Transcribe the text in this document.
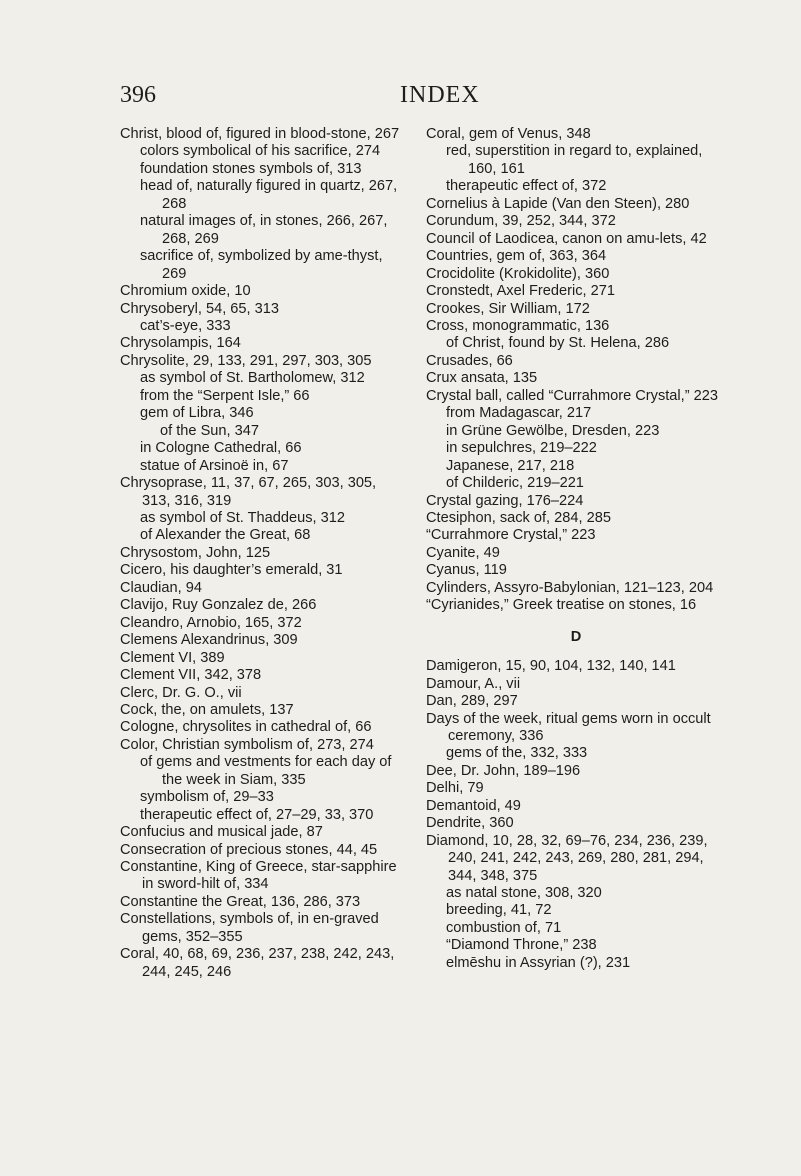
396	INDEX
Christ, blood of, figured in blood-stone, 267
colors symbolical of his sacrifice, 274
foundation stones symbols of, 313
head of, naturally figured in quartz, 267, 268
natural images of, in stones, 266, 267, 268, 269
sacrifice of, symbolized by ame-thyst, 269
Chromium oxide, 10
Chrysoberyl, 54, 65, 313
cat’s-eye, 333
Chrysolampis, 164
Chrysolite, 29, 133, 291, 297, 303, 305
as symbol of St. Bartholomew, 312
from the “Serpent Isle,” 66
gem of Libra, 346
of the Sun, 347
in Cologne Cathedral, 66
statue of Arsinoë in, 67
Chrysoprase, 11, 37, 67, 265, 303, 305, 313, 316, 319
as symbol of St. Thaddeus, 312
of Alexander the Great, 68
Chrysostom, John, 125
Cicero, his daughter’s emerald, 31
Claudian, 94
Clavijo, Ruy Gonzalez de, 266
Cleandro, Arnobio, 165, 372
Clemens Alexandrinus, 309
Clement VI, 389
Clement VII, 342, 378
Clerc, Dr. G. O., vii
Cock, the, on amulets, 137
Cologne, chrysolites in cathedral of, 66
Color, Christian symbolism of, 273, 274
of gems and vestments for each day of the week in Siam, 335
symbolism of, 29–33
therapeutic effect of, 27–29, 33, 370
Confucius and musical jade, 87
Consecration of precious stones, 44, 45
Constantine, King of Greece, star-sapphire in sword-hilt of, 334
Constantine the Great, 136, 286, 373
Constellations, symbols of, in en-graved gems, 352–355
Coral, 40, 68, 69, 236, 237, 238, 242, 243, 244, 245, 246
Coral, gem of Venus, 348
red, superstition in regard to, explained, 160, 161
therapeutic effect of, 372
Cornelius à Lapide (Van den Steen), 280
Corundum, 39, 252, 344, 372
Council of Laodicea, canon on amu-lets, 42
Countries, gem of, 363, 364
Crocidolite (Krokidolite), 360
Cronstedt, Axel Frederic, 271
Crookes, Sir William, 172
Cross, monogrammatic, 136
of Christ, found by St. Helena, 286
Crusades, 66
Crux ansata, 135
Crystal ball, called “Currahmore Crystal,” 223
from Madagascar, 217
in Grüne Gewölbe, Dresden, 223
in sepulchres, 219–222
Japanese, 217, 218
of Childeric, 219–221
Crystal gazing, 176–224
Ctesiphon, sack of, 284, 285
“Currahmore Crystal,” 223
Cyanite, 49
Cyanus, 119
Cylinders, Assyro-Babylonian, 121–123, 204
“Cyrianides,” Greek treatise on stones, 16
D
Damigeron, 15, 90, 104, 132, 140, 141
Damour, A., vii
Dan, 289, 297
Days of the week, ritual gems worn in occult ceremony, 336
gems of the, 332, 333
Dee, Dr. John, 189–196
Delhi, 79
Demantoid, 49
Dendrite, 360
Diamond, 10, 28, 32, 69–76, 234, 236, 239, 240, 241, 242, 243, 269, 280, 281, 294, 344, 348, 375
as natal stone, 308, 320
breeding, 41, 72
combustion of, 71
“Diamond Throne,” 238
elmēshu in Assyrian (?), 231
